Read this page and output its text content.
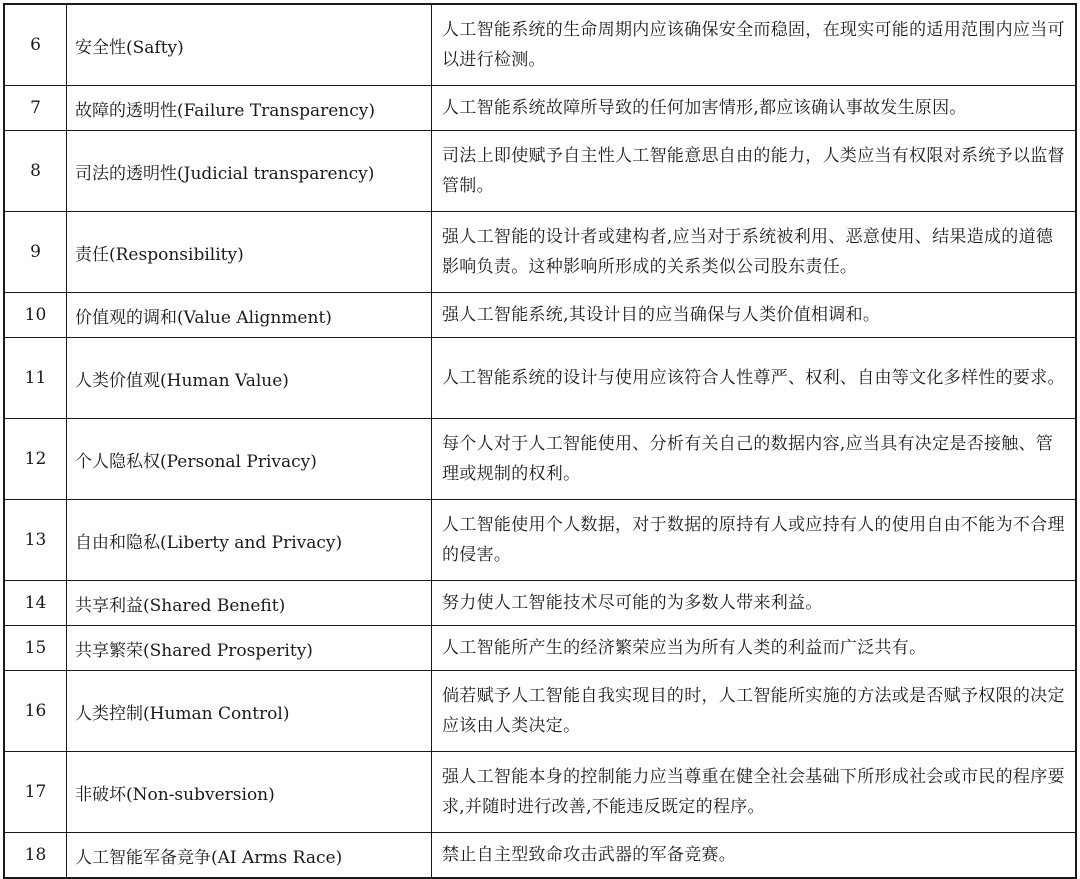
6	安全性(Safty)	人工智能系统的生命周期内应该确保安全而稳固，在现实可能的适用范围内应当可以进行检测。
7	故障的透明性(Failure Transparency)	人工智能系统故障所导致的任何加害情形,都应该确认事故发生原因。
8	司法的透明性(Judicial transparency)	司法上即使赋予自主性人工智能意思自由的能力，人类应当有权限对系统予以监督管制。
9	责任(Responsibility)	强人工智能的设计者或建构者,应当对于系统被利用、恶意使用、结果造成的道德影响负责。这种影响所形成的关系类似公司股东责任。
10	价值观的调和(Value Alignment)	强人工智能系统,其设计目的应当确保与人类价值相调和。
11	人类价值观(Human Value)	人工智能系统的设计与使用应该符合人性尊严、权利、自由等文化多样性的要求。
12	个人隐私权(Personal Privacy)	每个人对于人工智能使用、分析有关自己的数据内容,应当具有决定是否接触、管理或规制的权利。
13	自由和隐私(Liberty and Privacy)	人工智能使用个人数据，对于数据的原持有人或应持有人的使用自由不能为不合理的侵害。
14	共享利益(Shared Benefit)	努力使人工智能技术尽可能的为多数人带来利益。
15	共享繁荣(Shared Prosperity)	人工智能所产生的经济繁荣应当为所有人类的利益而广泛共有。
16	人类控制(Human Control)	倘若赋予人工智能自我实现目的时，人工智能所实施的方法或是否赋予权限的决定应该由人类决定。
17	非破坏(Non-subversion)	强人工智能本身的控制能力应当尊重在健全社会基础下所形成社会或市民的程序要求,并随时进行改善,不能违反既定的程序。
18	人工智能军备竞争(AI Arms Race)	禁止自主型致命攻击武器的军备竞赛。
